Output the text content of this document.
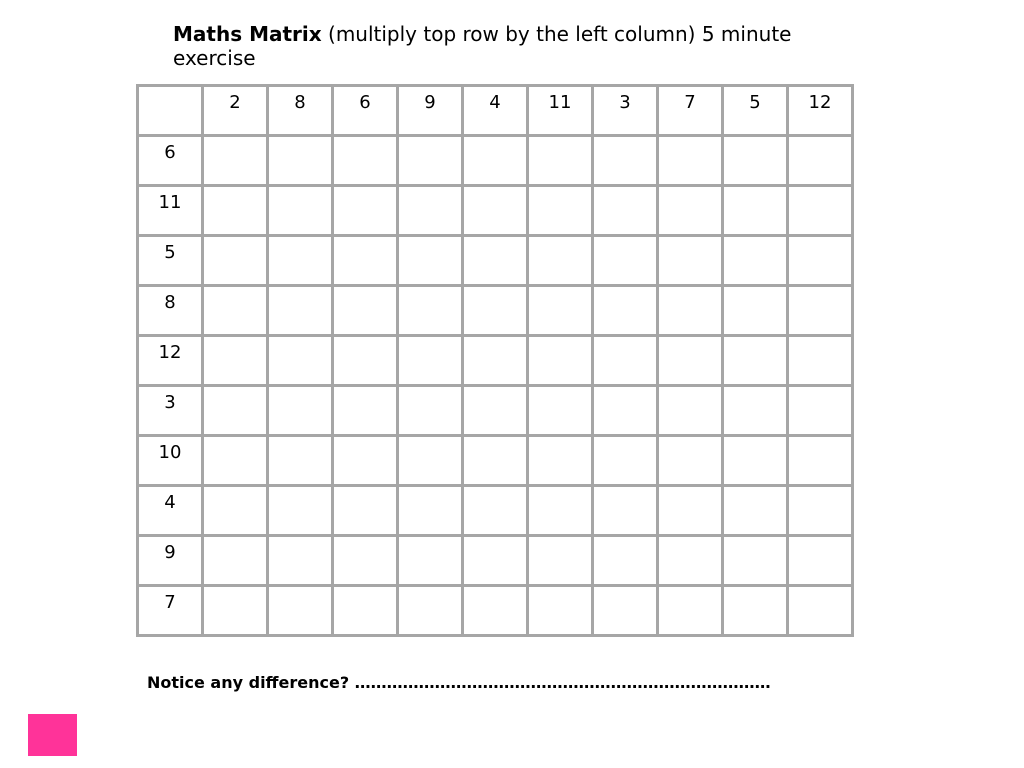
Maths Matrix (multiply top row by the left column) 5 minute exercise

	2	8	6	9	4	11	3	7	5	12

6										

11										

5										

8										

12										

3										

10										

4										

9										

7										

Notice any difference? ……………………………………………………………………
